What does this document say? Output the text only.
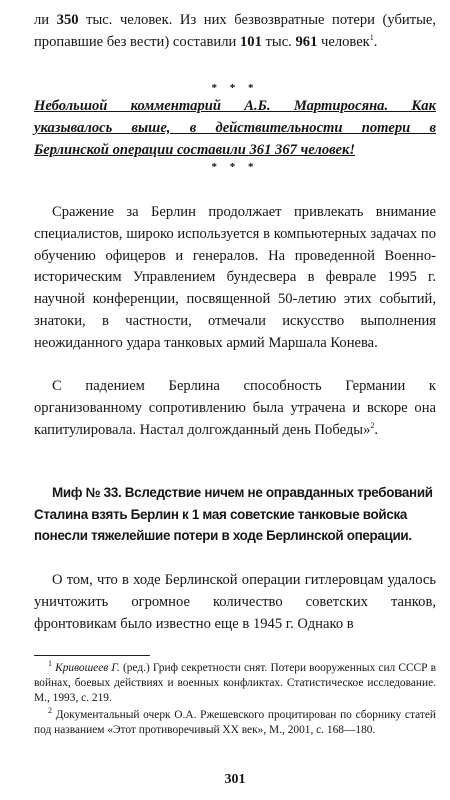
ли 350 тыс. человек. Из них безвозвратные потери (убитые, пропавшие без вести) составили 101 тыс. 961 человек$^1$.

* * *

Небольшой комментарий А.Б. Мартиросяна. Как указывалось выше, в действительности потери в Берлинской операции составили 361 367 человек!

* * *

Сражение за Берлин продолжает привлекать внимание специалистов, широко используется в компьютерных задачах по обучению офицеров и генералов. На проведенной Военно-историческим Управлением бундесвера в феврале 1995 г. научной конференции, посвященной 50-летию этих событий, знатоки, в частности, отмечали искусство выполнения неожиданного удара танковых армий Маршала Конева.

С падением Берлина способность Германии к организованному сопротивлению была утрачена и вскоре она капитулировала. Настал долгожданный день Победы»$^2$.

Миф № 33. Вследствие ничем не оправданных требований Сталина взять Берлин к 1 мая советские танковые войска понесли тяжелейшие потери в ходе Берлинской операции.

О том, что в ходе Берлинской операции гитлеровцам удалось уничтожить огромное количество советских танков, фронтовикам было известно еще в 1945 г. Однако в

$^1$ Кривошеев Г. (ред.) Гриф секретности снят. Потери вооруженных сил СССР в войнах, боевых действиях и военных конфликтах. Статистическое исследование. М., 1993, с. 219.

$^2$ Документальный очерк О.А. Ржешевского процитирован по сборнику статей под названием «Этот противоречивый ХХ век», М., 2001, с. 168—180.

301
